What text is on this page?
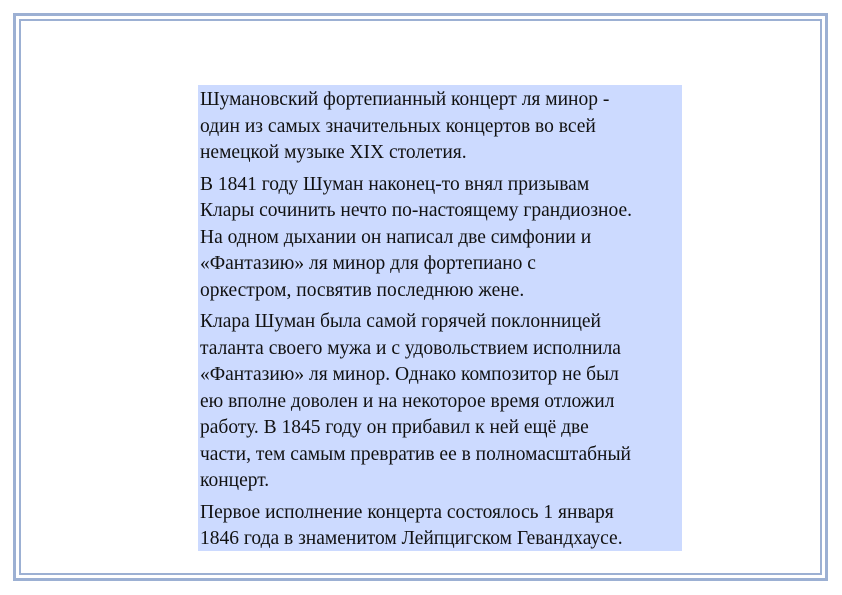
Шумановский фортепианный концерт ля минор -
один из самых значительных концертов во всей
немецкой музыке XIX столетия.

В 1841 году Шуман наконец-то внял призывам
Клары сочинить нечто по-настоящему грандиозное.
На одном дыхании он написал две симфонии и
«Фантазию» ля минор для фортепиано с
оркестром, посвятив последнюю жене.

Клара Шуман была самой горячей поклонницей
таланта своего мужа и с удовольствием исполнила
«Фантазию» ля минор. Однако композитор не был
ею вполне доволен и на некоторое время отложил
работу. В 1845 году он прибавил к ней ещё две
части, тем самым превратив ее в полномасштабный
концерт.

Первое исполнение концерта состоялось 1 января
1846 года в знаменитом Лейпцигском Гевандхаусе.
